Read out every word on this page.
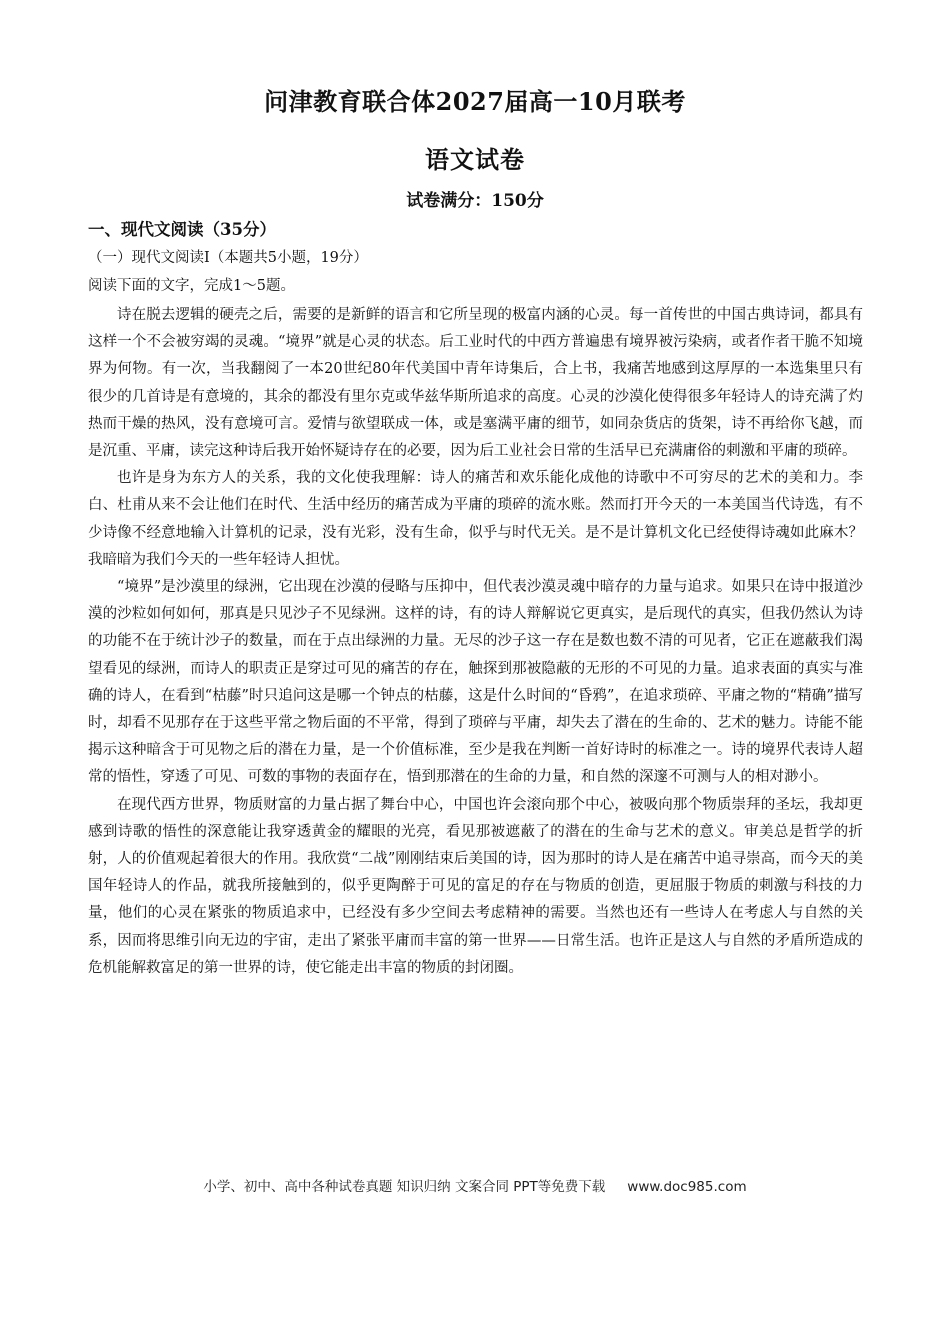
问津教育联合体2027届高一10月联考
语文试卷
试卷满分：150分
一、现代文阅读（35分）
（一）现代文阅读Ⅰ（本题共5小题，19分）
阅读下面的文字，完成1～5题。

诗在脱去逻辑的硬壳之后，需要的是新鲜的语言和它所呈现的极富内涵的心灵。每一首传世的中国古典诗词，都具有这样一个不会被穷竭的灵魂。“境界”就是心灵的状态。后工业时代的中西方普遍患有境界被污染病，或者作者干脆不知境界为何物。有一次，当我翻阅了一本20世纪80年代美国中青年诗集后，合上书，我痛苦地感到这厚厚的一本选集里只有很少的几首诗是有意境的，其余的都没有里尔克或华兹华斯所追求的高度。心灵的沙漠化使得很多年轻诗人的诗充满了灼热而干燥的热风，没有意境可言。爱情与欲望联成一体，或是塞满平庸的细节，如同杂货店的货架，诗不再给你飞越，而是沉重、平庸，读完这种诗后我开始怀疑诗存在的必要，因为后工业社会日常的生活早已充满庸俗的刺激和平庸的琐碎。

也许是身为东方人的关系，我的文化使我理解：诗人的痛苦和欢乐能化成他的诗歌中不可穷尽的艺术的美和力。李白、杜甫从来不会让他们在时代、生活中经历的痛苦成为平庸的琐碎的流水账。然而打开今天的一本美国当代诗选，有不少诗像不经意地输入计算机的记录，没有光彩，没有生命，似乎与时代无关。是不是计算机文化已经使得诗魂如此麻木？我暗暗为我们今天的一些年轻诗人担忧。

“境界”是沙漠里的绿洲，它出现在沙漠的侵略与压抑中，但代表沙漠灵魂中暗存的力量与追求。如果只在诗中报道沙漠的沙粒如何如何，那真是只见沙子不见绿洲。这样的诗，有的诗人辩解说它更真实，是后现代的真实，但我仍然认为诗的功能不在于统计沙子的数量，而在于点出绿洲的力量。无尽的沙子这一存在是数也数不清的可见者，它正在遮蔽我们渴望看见的绿洲，而诗人的职责正是穿过可见的痛苦的存在，触探到那被隐蔽的无形的不可见的力量。追求表面的真实与准确的诗人，在看到“枯藤”时只追问这是哪一个钟点的枯藤，这是什么时间的“昏鸦”，在追求琐碎、平庸之物的“精确”描写时，却看不见那存在于这些平常之物后面的不平常，得到了琐碎与平庸，却失去了潜在的生命的、艺术的魅力。诗能不能揭示这种暗含于可见物之后的潜在力量，是一个价值标准，至少是我在判断一首好诗时的标准之一。诗的境界代表诗人超常的悟性，穿透了可见、可数的事物的表面存在，悟到那潜在的生命的力量，和自然的深邃不可测与人的相对渺小。

在现代西方世界，物质财富的力量占据了舞台中心，中国也许会滚向那个中心，被吸向那个物质崇拜的圣坛，我却更感到诗歌的悟性的深意能让我穿透黄金的耀眼的光亮，看见那被遮蔽了的潜在的生命与艺术的意义。审美总是哲学的折射，人的价值观起着很大的作用。我欣赏“二战”刚刚结束后美国的诗，因为那时的诗人是在痛苦中追寻崇高，而今天的美国年轻诗人的作品，就我所接触到的，似乎更陶醉于可见的富足的存在与物质的创造，更屈服于物质的刺激与科技的力量，他们的心灵在紧张的物质追求中，已经没有多少空间去考虑精神的需要。当然也还有一些诗人在考虑人与自然的关系，因而将思维引向无边的宇宙，走出了紧张平庸而丰富的第一世界——日常生活。也许正是这人与自然的矛盾所造成的危机能解救富足的第一世界的诗，使它能走出丰富的物质的封闭圈。

小学、初中、高中各种试卷真题 知识归纳 文案合同 PPT等免费下载 www.doc985.com
